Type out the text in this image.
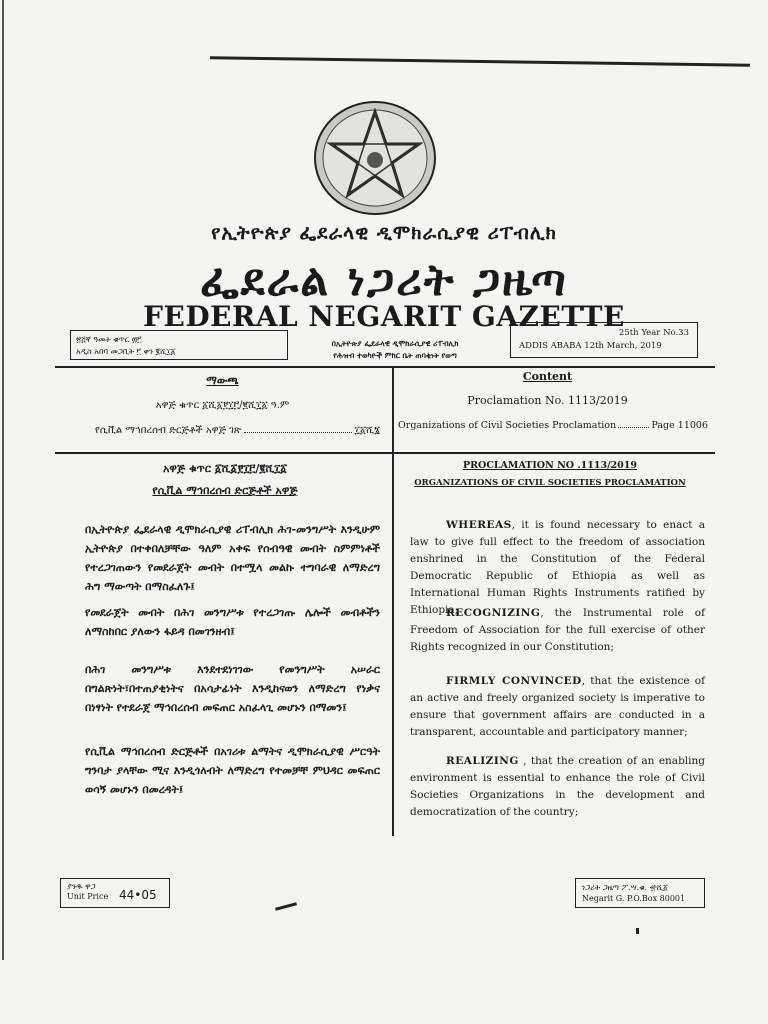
የኢትዮጵያ ፌደራላዊ ዲሞክራሲያዊ ሪፐብሊክ
ፌደራል ነጋሪት ጋዜጣ
FEDERAL NEGARIT GAZETTE
፳፭ኛ ዓመት ቁጥር ፴፫
አዲስ አበባ መጋቢት ፫ ቀን ፪ሺ፲፩
በኢትዮጵያ ፌደራላዊ ዲሞክራሲያዊ ሪፐብሊክ
የሕዝብ ተወካዮች ምክር ቤት ጠባቂነት የወጣ
25th Year No.33
ADDIS ABABA 12th March, 2019
ማውጫ
አዋጅ ቁጥር ፩ሺ፩፻፲፫/፪ሺ፲፩ ዓ.ም
የሲቪል ማኅበረሰብ ድርጅቶች አዋጅ ገጽ	፲፩ሺ፮
Content
Proclamation No. 1113/2019
Organizations of Civil Societies Proclamation	Page 11006
አዋጅ ቁጥር ፩ሺ፩፻፲፫/፪ሺ፲፩
የሲቪል ማኅበረሰብ ድርጅቶች አዋጅ
በኢትዮጵያ ፌደራላዊ ዲሞክራሲያዊ ሪፐብሊክ ሕገ-መንግሥት እንዲሁም ኢትዮጵያ በተቀበለቻቸው ዓለም አቀፍ የሰብዓዊ መብት ስምምነቶች የተረጋገጠውን የመደራጀት መብት በተሟላ መልኩ ተግባራዊ ለማድረግ ሕግ ማውጣት በማስፈለጉ፤
የመደራጀት መብት በሕገ መንግሥቱ የተረጋገጡ ሌሎች መብቶችን ለማስከበር ያለውን ፋይዳ በመገንዘብ፤
በሕገ መንግሥቱ እንደተደነገገው የመንግሥት አሠራር በግልጽነት፣በተጠያቂነትና በአሳታፊነት እንዲከናወን ለማድረግ የነቃና በነፃነት የተደራጀ ማኅበረሰብ መፍጠር አስፈላጊ መሆኑን በማመን፤
የሲቪል ማኅበረሰብ ድርጅቶች በአገሪቱ ልማትና ዲሞክራሲያዊ ሥርዓት ግንባታ ያላቸው ሚና እንዲጎለብት ለማድረግ የተመቻቸ ምህዳር መፍጠር ወሳኝ መሆኑን በመረዳት፤
PROCLAMATION NO .1113/2019
ORGANIZATIONS OF CIVIL SOCIETIES PROCLAMATION
WHEREAS, it is found necessary to enact a law to give full effect to the freedom of association enshrined in the Constitution of the Federal Democratic Republic of Ethiopia as well as International Human Rights Instruments ratified by Ethiopia;
RECOGNIZING, the Instrumental role of Freedom of Association for the full exercise of other Rights recognized in our Constitution;
FIRMLY CONVINCED, that the existence of an active and freely organized society is imperative to ensure that government affairs are conducted in a transparent, accountable and participatory manner;
REALIZING , that the creation of an enabling environment is essential to enhance the role of Civil Societies Organizations in the development and democratization of the country;
ያንዱ ዋጋ
Unit Price 44•05
ነጋሪት ጋዜጣ ፖ.ሣ.ቁ. ፹ሺ፩
Negarit G. P.O.Box 80001
